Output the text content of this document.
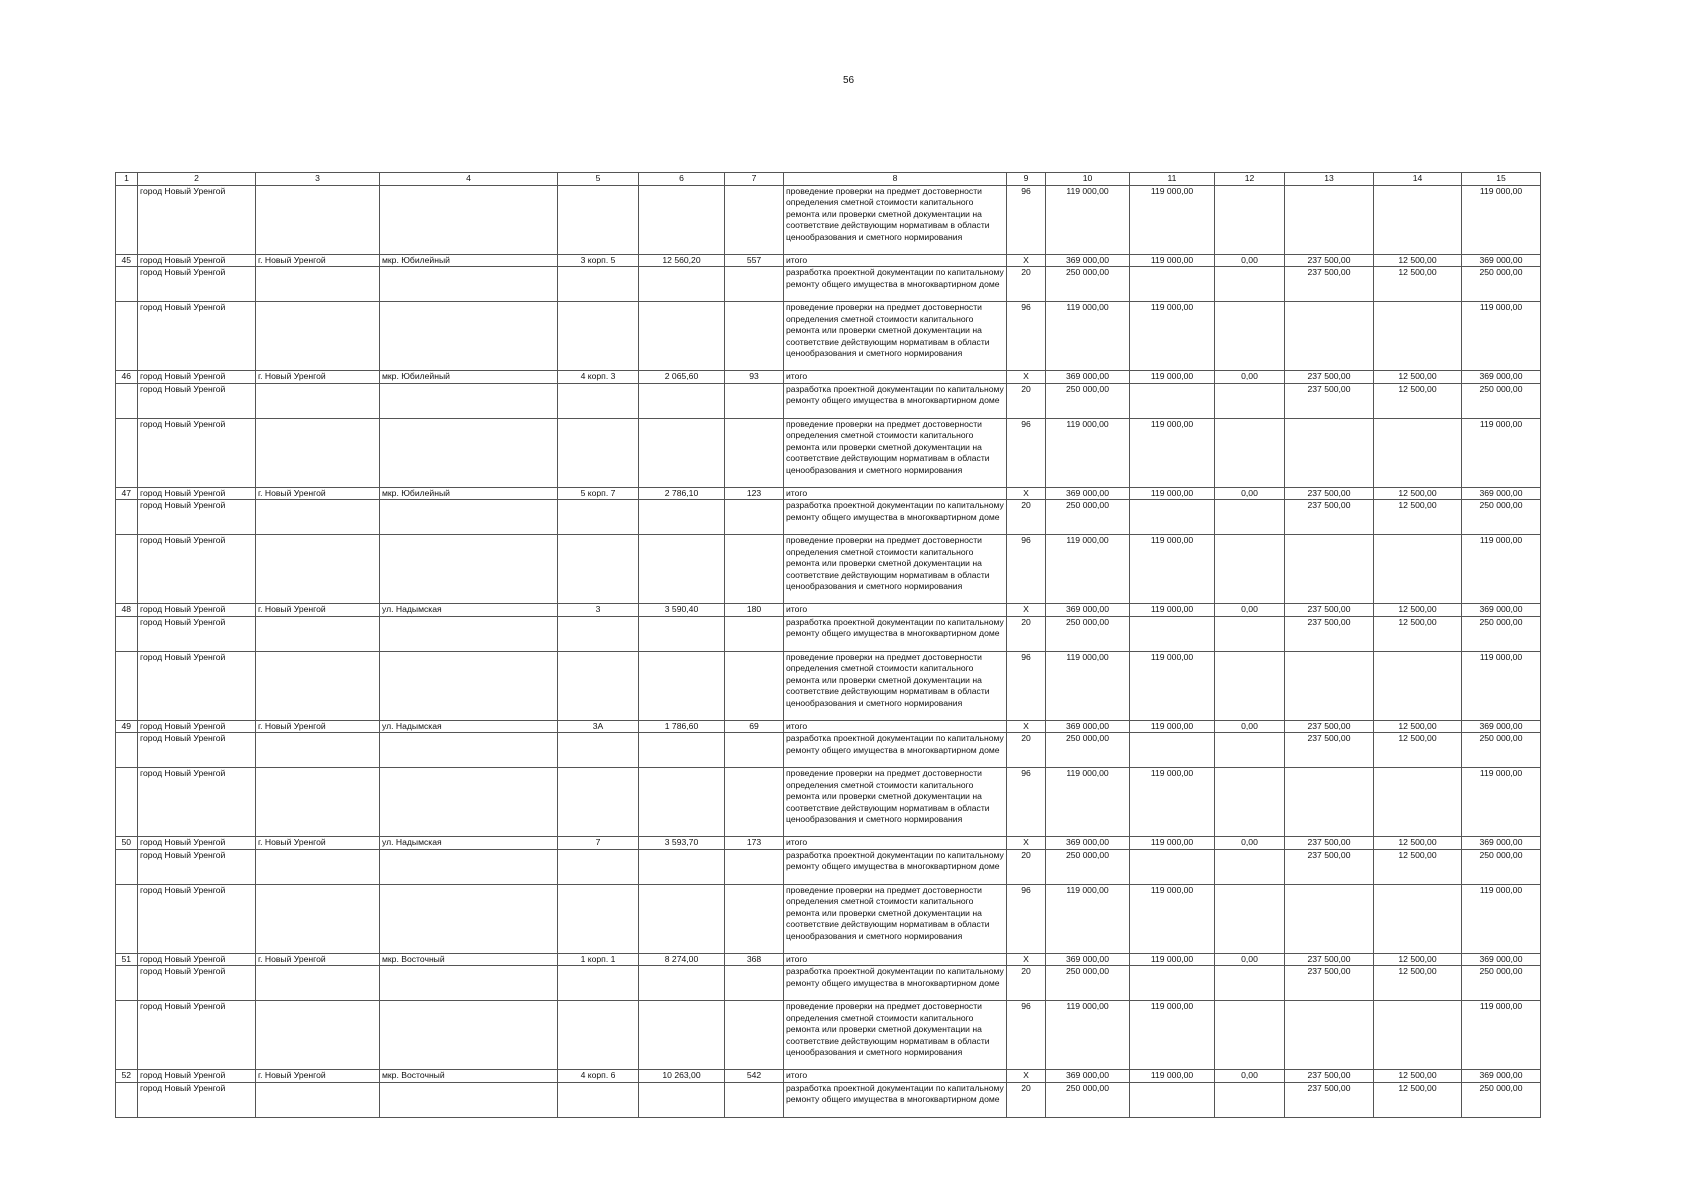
56
1	2	3	4	5	6	7	8	9	10	11	12	13	14	15
	город Новый Уренгой						проведение проверки на предмет достоверности определения сметной стоимости капитального ремонта или проверки сметной документации на соответствие действующим нормативам в области ценообразования и сметного нормирования	96	119 000,00	119 000,00				119 000,00
45	город Новый Уренгой	г. Новый Уренгой	мкр. Юбилейный	3 корп. 5	12 560,20	557	итого	Х	369 000,00	119 000,00	0,00	237 500,00	12 500,00	369 000,00
	город Новый Уренгой						разработка проектной документации по капитальному ремонту общего имущества в многоквартирном доме	20	250 000,00			237 500,00	12 500,00	250 000,00
	город Новый Уренгой						проведение проверки на предмет достоверности определения сметной стоимости капитального ремонта или проверки сметной документации на соответствие действующим нормативам в области ценообразования и сметного нормирования	96	119 000,00	119 000,00				119 000,00
46	город Новый Уренгой	г. Новый Уренгой	мкр. Юбилейный	4 корп. 3	2 065,60	93	итого	Х	369 000,00	119 000,00	0,00	237 500,00	12 500,00	369 000,00
	город Новый Уренгой						разработка проектной документации по капитальному ремонту общего имущества в многоквартирном доме	20	250 000,00			237 500,00	12 500,00	250 000,00
	город Новый Уренгой						проведение проверки на предмет достоверности определения сметной стоимости капитального ремонта или проверки сметной документации на соответствие действующим нормативам в области ценообразования и сметного нормирования	96	119 000,00	119 000,00				119 000,00
47	город Новый Уренгой	г. Новый Уренгой	мкр. Юбилейный	5 корп. 7	2 786,10	123	итого	Х	369 000,00	119 000,00	0,00	237 500,00	12 500,00	369 000,00
	город Новый Уренгой						разработка проектной документации по капитальному ремонту общего имущества в многоквартирном доме	20	250 000,00			237 500,00	12 500,00	250 000,00
	город Новый Уренгой						проведение проверки на предмет достоверности определения сметной стоимости капитального ремонта или проверки сметной документации на соответствие действующим нормативам в области ценообразования и сметного нормирования	96	119 000,00	119 000,00				119 000,00
48	город Новый Уренгой	г. Новый Уренгой	ул. Надымская	3	3 590,40	180	итого	Х	369 000,00	119 000,00	0,00	237 500,00	12 500,00	369 000,00
	город Новый Уренгой						разработка проектной документации по капитальному ремонту общего имущества в многоквартирном доме	20	250 000,00			237 500,00	12 500,00	250 000,00
	город Новый Уренгой						проведение проверки на предмет достоверности определения сметной стоимости капитального ремонта или проверки сметной документации на соответствие действующим нормативам в области ценообразования и сметного нормирования	96	119 000,00	119 000,00				119 000,00
49	город Новый Уренгой	г. Новый Уренгой	ул. Надымская	3А	1 786,60	69	итого	Х	369 000,00	119 000,00	0,00	237 500,00	12 500,00	369 000,00
	город Новый Уренгой						разработка проектной документации по капитальному ремонту общего имущества в многоквартирном доме	20	250 000,00			237 500,00	12 500,00	250 000,00
	город Новый Уренгой						проведение проверки на предмет достоверности определения сметной стоимости капитального ремонта или проверки сметной документации на соответствие действующим нормативам в области ценообразования и сметного нормирования	96	119 000,00	119 000,00				119 000,00
50	город Новый Уренгой	г. Новый Уренгой	ул. Надымская	7	3 593,70	173	итого	Х	369 000,00	119 000,00	0,00	237 500,00	12 500,00	369 000,00
	город Новый Уренгой						разработка проектной документации по капитальному ремонту общего имущества в многоквартирном доме	20	250 000,00			237 500,00	12 500,00	250 000,00
	город Новый Уренгой						проведение проверки на предмет достоверности определения сметной стоимости капитального ремонта или проверки сметной документации на соответствие действующим нормативам в области ценообразования и сметного нормирования	96	119 000,00	119 000,00				119 000,00
51	город Новый Уренгой	г. Новый Уренгой	мкр. Восточный	1 корп. 1	8 274,00	368	итого	Х	369 000,00	119 000,00	0,00	237 500,00	12 500,00	369 000,00
	город Новый Уренгой						разработка проектной документации по капитальному ремонту общего имущества в многоквартирном доме	20	250 000,00			237 500,00	12 500,00	250 000,00
	город Новый Уренгой						проведение проверки на предмет достоверности определения сметной стоимости капитального ремонта или проверки сметной документации на соответствие действующим нормативам в области ценообразования и сметного нормирования	96	119 000,00	119 000,00				119 000,00
52	город Новый Уренгой	г. Новый Уренгой	мкр. Восточный	4 корп. 6	10 263,00	542	итого	Х	369 000,00	119 000,00	0,00	237 500,00	12 500,00	369 000,00
	город Новый Уренгой						разработка проектной документации по капитальному ремонту общего имущества в многоквартирном доме	20	250 000,00			237 500,00	12 500,00	250 000,00
